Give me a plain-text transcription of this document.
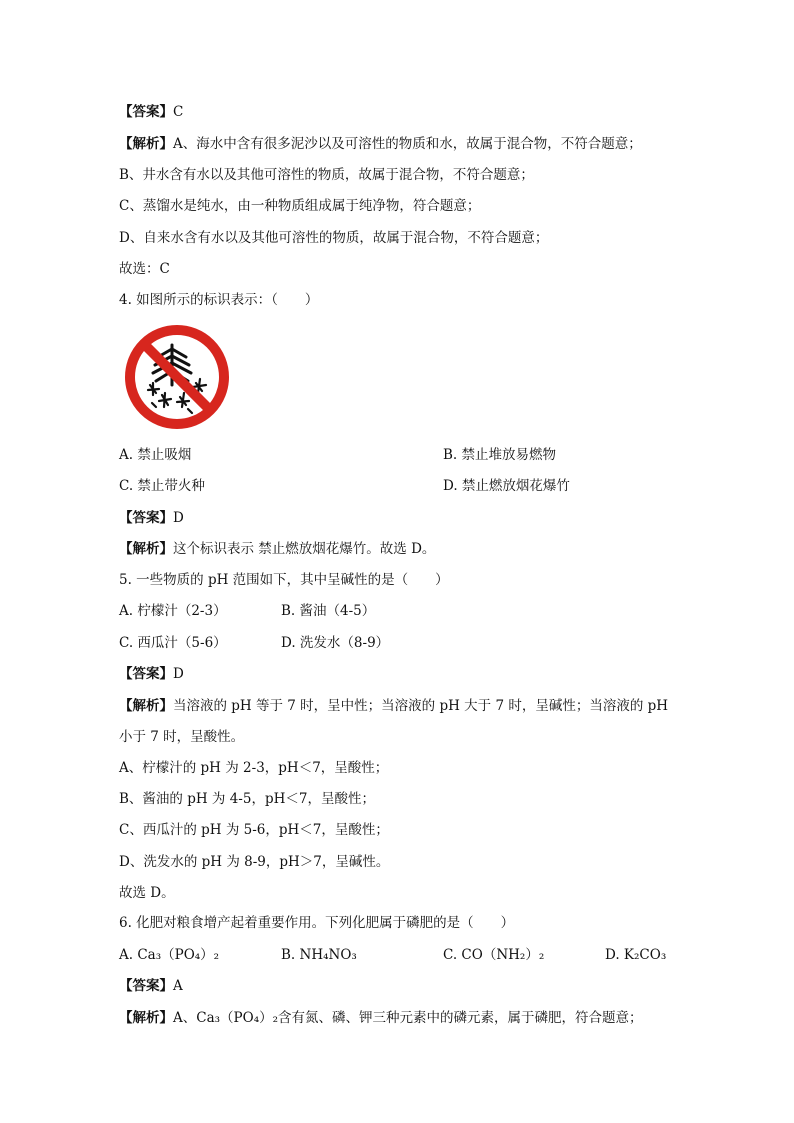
【答案】C
【解析】A、海水中含有很多泥沙以及可溶性的物质和水，故属于混合物，不符合题意；
B、井水含有水以及其他可溶性的物质，故属于混合物，不符合题意；
C、蒸馏水是纯水，由一种物质组成属于纯净物，符合题意；
D、自来水含有水以及其他可溶性的物质，故属于混合物，不符合题意；
故选：C
4. 如图所示的标识表示：（　　）
A. 禁止吸烟	B. 禁止堆放易燃物
C. 禁止带火种	D. 禁止燃放烟花爆竹
【答案】D
【解析】这个标识表示 禁止燃放烟花爆竹。故选 D。
5. 一些物质的 pH 范围如下，其中呈碱性的是（　　）
A. 柠檬汁（2-3）	B. 酱油（4-5）
C. 西瓜汁（5-6）	D. 洗发水（8-9）
【答案】D
【解析】当溶液的 pH 等于 7 时，呈中性；当溶液的 pH 大于 7 时，呈碱性；当溶液的 pH
小于 7 时，呈酸性。
A、柠檬汁的 pH 为 2-3，pH＜7，呈酸性；
B、酱油的 pH 为 4-5，pH＜7，呈酸性；
C、西瓜汁的 pH 为 5-6，pH＜7，呈酸性；
D、洗发水的 pH 为 8-9，pH＞7，呈碱性。
故选 D。
6. 化肥对粮食增产起着重要作用。下列化肥属于磷肥的是（　　）
A. Ca₃（PO₄）₂	B. NH₄NO₃	C. CO（NH₂）₂	D. K₂CO₃
【答案】A
【解析】A、Ca₃（PO₄）₂含有氮、磷、钾三种元素中的磷元素，属于磷肥，符合题意；
